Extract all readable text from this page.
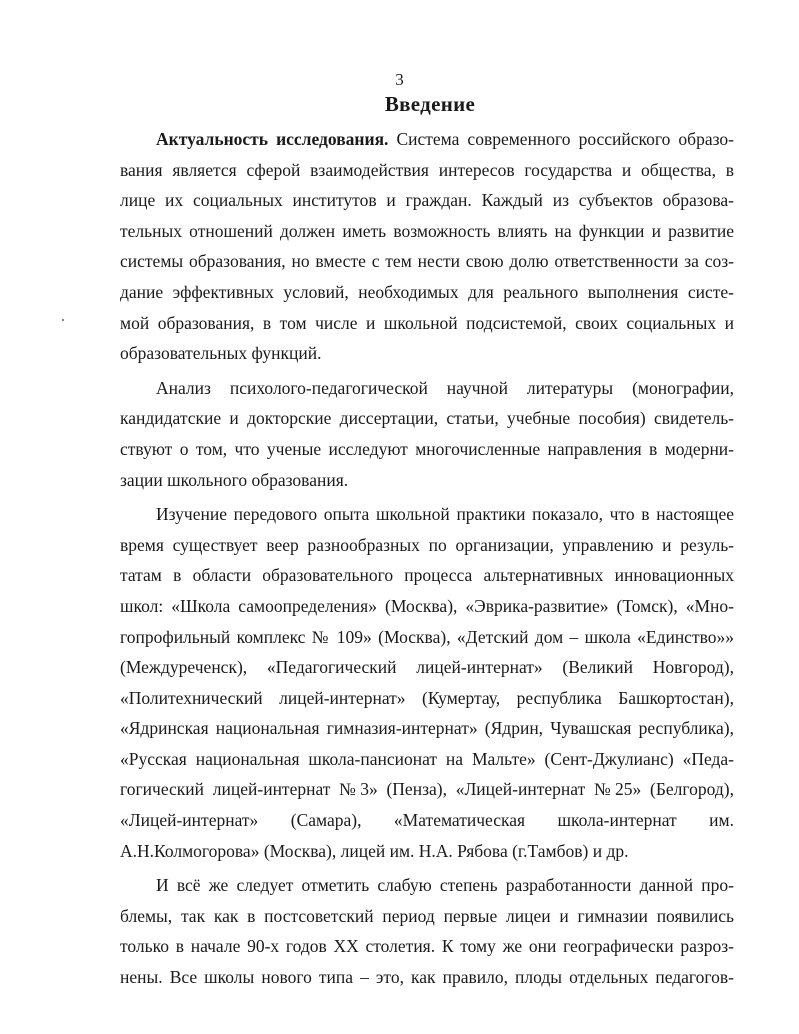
3
Введение
Актуальность исследования. Система современного российского образо-
вания является сферой взаимодействия интересов государства и общества, в
лице их социальных институтов и граждан. Каждый из субъектов образова-
тельных отношений должен иметь возможность влиять на функции и развитие
системы образования, но вместе с тем нести свою долю ответственности за соз-
дание эффективных условий, необходимых для реального выполнения систе-
мой образования, в том числе и школьной подсистемой, своих социальных и
образовательных функций.
Анализ психолого-педагогической научной литературы (монографии,
кандидатские и докторские диссертации, статьи, учебные пособия) свидетель-
ствуют о том, что ученые исследуют многочисленные направления в модерни-
зации школьного образования.
Изучение передового опыта школьной практики показало, что в настоящее
время существует веер разнообразных по организации, управлению и резуль-
татам в области образовательного процесса альтернативных инновационных
школ: «Школа самоопределения» (Москва), «Эврика-развитие» (Томск), «Мно-
гопрофильный комплекс № 109» (Москва), «Детский дом – школа «Единство»»
(Междуреченск), «Педагогический лицей-интернат» (Великий Новгород),
«Политехнический лицей-интернат» (Кумертау, республика Башкортостан),
«Ядринская национальная гимназия-интернат» (Ядрин, Чувашская республика),
«Русская национальная школа-пансионат на Мальте» (Сент-Джулианс) «Педа-
гогический лицей-интернат №3» (Пенза), «Лицей-интернат №25» (Белгород),
«Лицей-интернат» (Самара), «Математическая школа-интернат им.
А.Н.Колмогорова» (Москва), лицей им. Н.А. Рябова (г.Тамбов) и др.
И всё же следует отметить слабую степень разработанности данной про-
блемы, так как в постсоветский период первые лицеи и гимназии появились
только в начале 90-х годов XX столетия. К тому же они географически разроз-
нены. Все школы нового типа – это, как правило, плоды отдельных педагогов-
